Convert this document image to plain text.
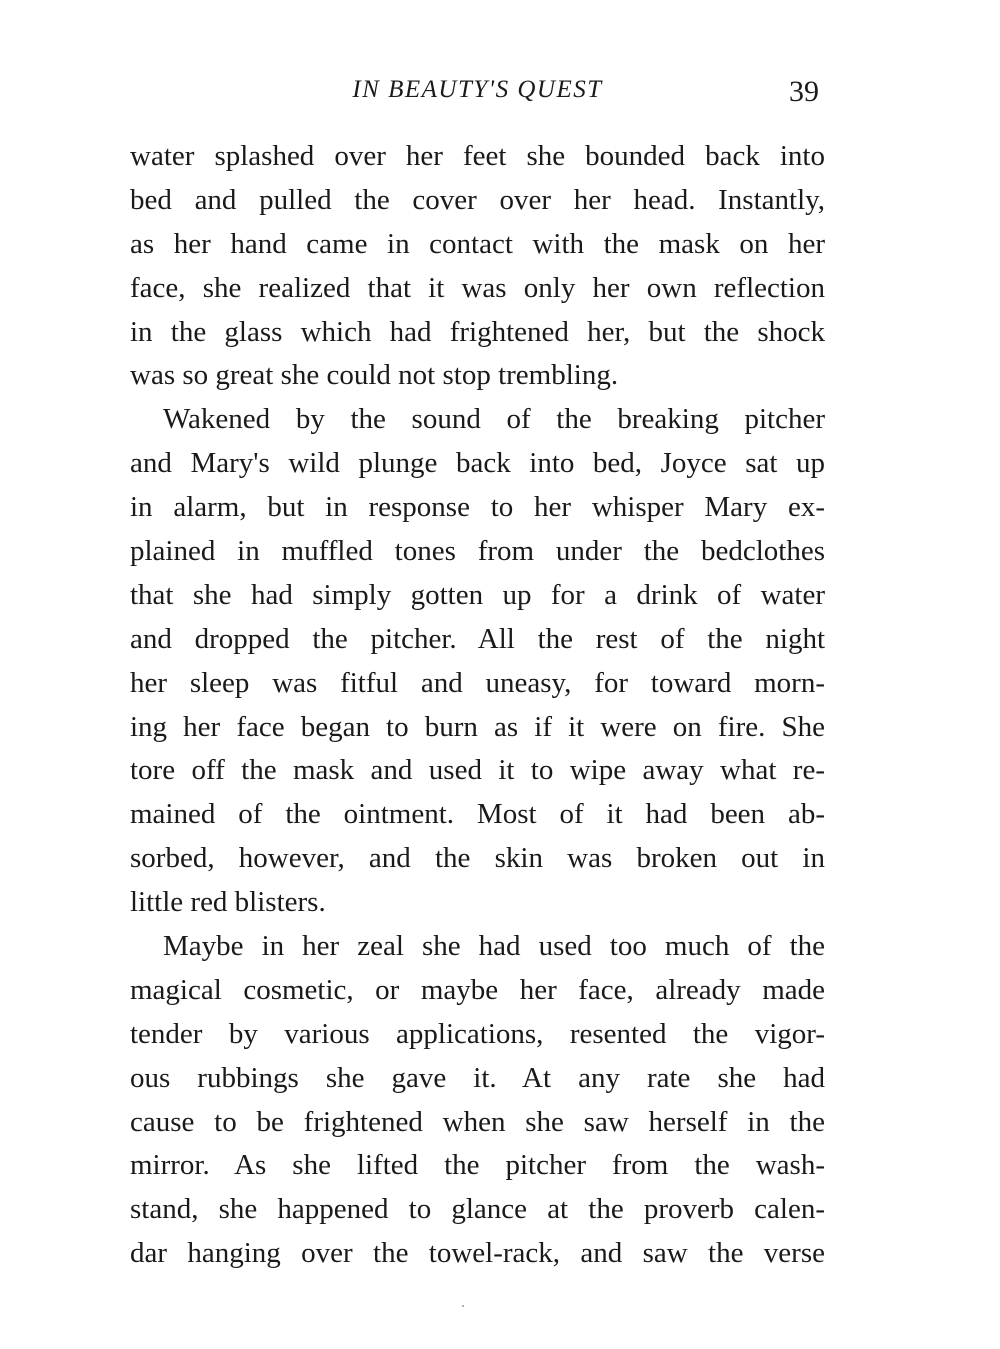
IN BEAUTY'S QUEST	39
water splashed over her feet she bounded back into
bed and pulled the cover over her head. Instantly,
as her hand came in contact with the mask on her
face, she realized that it was only her own reflection
in the glass which had frightened her, but the shock
was so great she could not stop trembling.
Wakened by the sound of the breaking pitcher
and Mary's wild plunge back into bed, Joyce sat up
in alarm, but in response to her whisper Mary ex-
plained in muffled tones from under the bedclothes
that she had simply gotten up for a drink of water
and dropped the pitcher. All the rest of the night
her sleep was fitful and uneasy, for toward morn-
ing her face began to burn as if it were on fire. She
tore off the mask and used it to wipe away what re-
mained of the ointment. Most of it had been ab-
sorbed, however, and the skin was broken out in
little red blisters.
Maybe in her zeal she had used too much of the
magical cosmetic, or maybe her face, already made
tender by various applications, resented the vigor-
ous rubbings she gave it. At any rate she had
cause to be frightened when she saw herself in the
mirror. As she lifted the pitcher from the wash-
stand, she happened to glance at the proverb calen-
dar hanging over the towel-rack, and saw the verse
